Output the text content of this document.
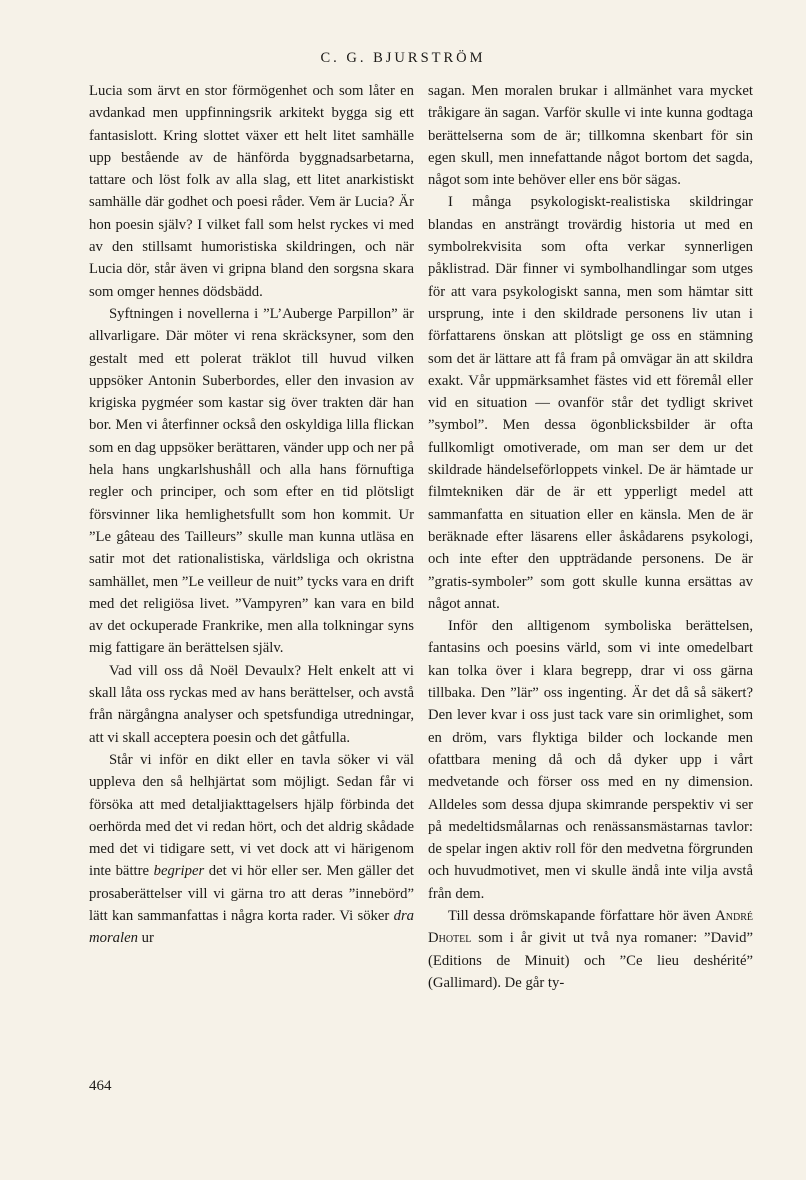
C. G. BJURSTRÖM

Lucia som ärvt en stor förmögenhet och som låter en avdankad men uppfinningsrik arkitekt bygga sig ett fantasislott. Kring slottet växer ett helt litet samhälle upp bestående av de hänförda byggnadsarbetarna, tattare och löst folk av alla slag, ett litet anarkistiskt samhälle där godhet och poesi råder. Vem är Lucia? Är hon poesin själv? I vilket fall som helst ryckes vi med av den stillsamt humoristiska skildringen, och när Lucia dör, står även vi gripna bland den sorgsna skara som omger hennes dödsbädd.

Syftningen i novellerna i ”L’Auberge Parpillon” är allvarligare. Där möter vi rena skräcksyner, som den gestalt med ett polerat träklot till huvud vilken uppsöker Antonin Suberbordes, eller den invasion av krigiska pygméer som kastar sig över trakten där han bor. Men vi återfinner också den oskyldiga lilla flickan som en dag uppsöker berättaren, vänder upp och ner på hela hans ungkarlshushåll och alla hans förnuftiga regler och principer, och som efter en tid plötsligt försvinner lika hemlighetsfullt som hon kommit. Ur ”Le gâteau des Tailleurs” skulle man kunna utläsa en satir mot det rationalistiska, världsliga och okristna samhället, men ”Le veilleur de nuit” tycks vara en drift med det religiösa livet. ”Vampyren” kan vara en bild av det ockuperade Frankrike, men alla tolkningar syns mig fattigare än berättelsen själv.

Vad vill oss då Noël Devaulx? Helt enkelt att vi skall låta oss ryckas med av hans berättelser, och avstå från närgångna analyser och spetsfundiga utredningar, att vi skall acceptera poesin och det gåtfulla.

Står vi inför en dikt eller en tavla söker vi väl uppleva den så helhjärtat som möjligt. Sedan får vi försöka att med detaljiakttagelsers hjälp förbinda det oerhörda med det vi redan hört, och det aldrig skådade med det vi tidigare sett, vi vet dock att vi härigenom inte bättre begriper det vi hör eller ser. Men gäller det prosaberättelser vill vi gärna tro att deras ”innebörd” lätt kan sammanfattas i några korta rader. Vi söker dra moralen ur

sagan. Men moralen brukar i allmänhet vara mycket tråkigare än sagan. Varför skulle vi inte kunna godtaga berättelserna som de är; tillkomna skenbart för sin egen skull, men innefattande något bortom det sagda, något som inte behöver eller ens bör sägas.

I många psykologiskt-realistiska skildringar blandas en ansträngt trovärdig historia ut med en symbolrekvisita som ofta verkar synnerligen påklistrad. Där finner vi symbolhandlingar som utges för att vara psykologiskt sanna, men som hämtar sitt ursprung, inte i den skildrade personens liv utan i författarens önskan att plötsligt ge oss en stämning som det är lättare att få fram på omvägar än att skildra exakt. Vår uppmärksamhet fästes vid ett föremål eller vid en situation — ovanför står det tydligt skrivet ”symbol”. Men dessa ögonblicksbilder är ofta fullkomligt omotiverade, om man ser dem ur det skildrade händelseförloppets vinkel. De är hämtade ur filmtekniken där de är ett ypperligt medel att sammanfatta en situation eller en känsla. Men de är beräknade efter läsarens eller åskådarens psykologi, och inte efter den uppträdande personens. De är ”gratis-symboler” som gott skulle kunna ersättas av något annat.

Inför den alltigenom symboliska berättelsen, fantasins och poesins värld, som vi inte omedelbart kan tolka över i klara begrepp, drar vi oss gärna tillbaka. Den ”lär” oss ingenting. Är det då så säkert? Den lever kvar i oss just tack vare sin orimlighet, som en dröm, vars flyktiga bilder och lockande men ofattbara mening då och då dyker upp i vårt medvetande och förser oss med en ny dimension. Alldeles som dessa djupa skimrande perspektiv vi ser på medeltidsmålarnas och renässansmästarnas tavlor: de spelar ingen aktiv roll för den medvetna förgrunden och huvudmotivet, men vi skulle ändå inte vilja avstå från dem.

Till dessa drömskapande författare hör även André Dhotel som i år givit ut två nya romaner: ”David” (Editions de Minuit) och ”Ce lieu deshérité” (Gallimard). De går ty-

464
